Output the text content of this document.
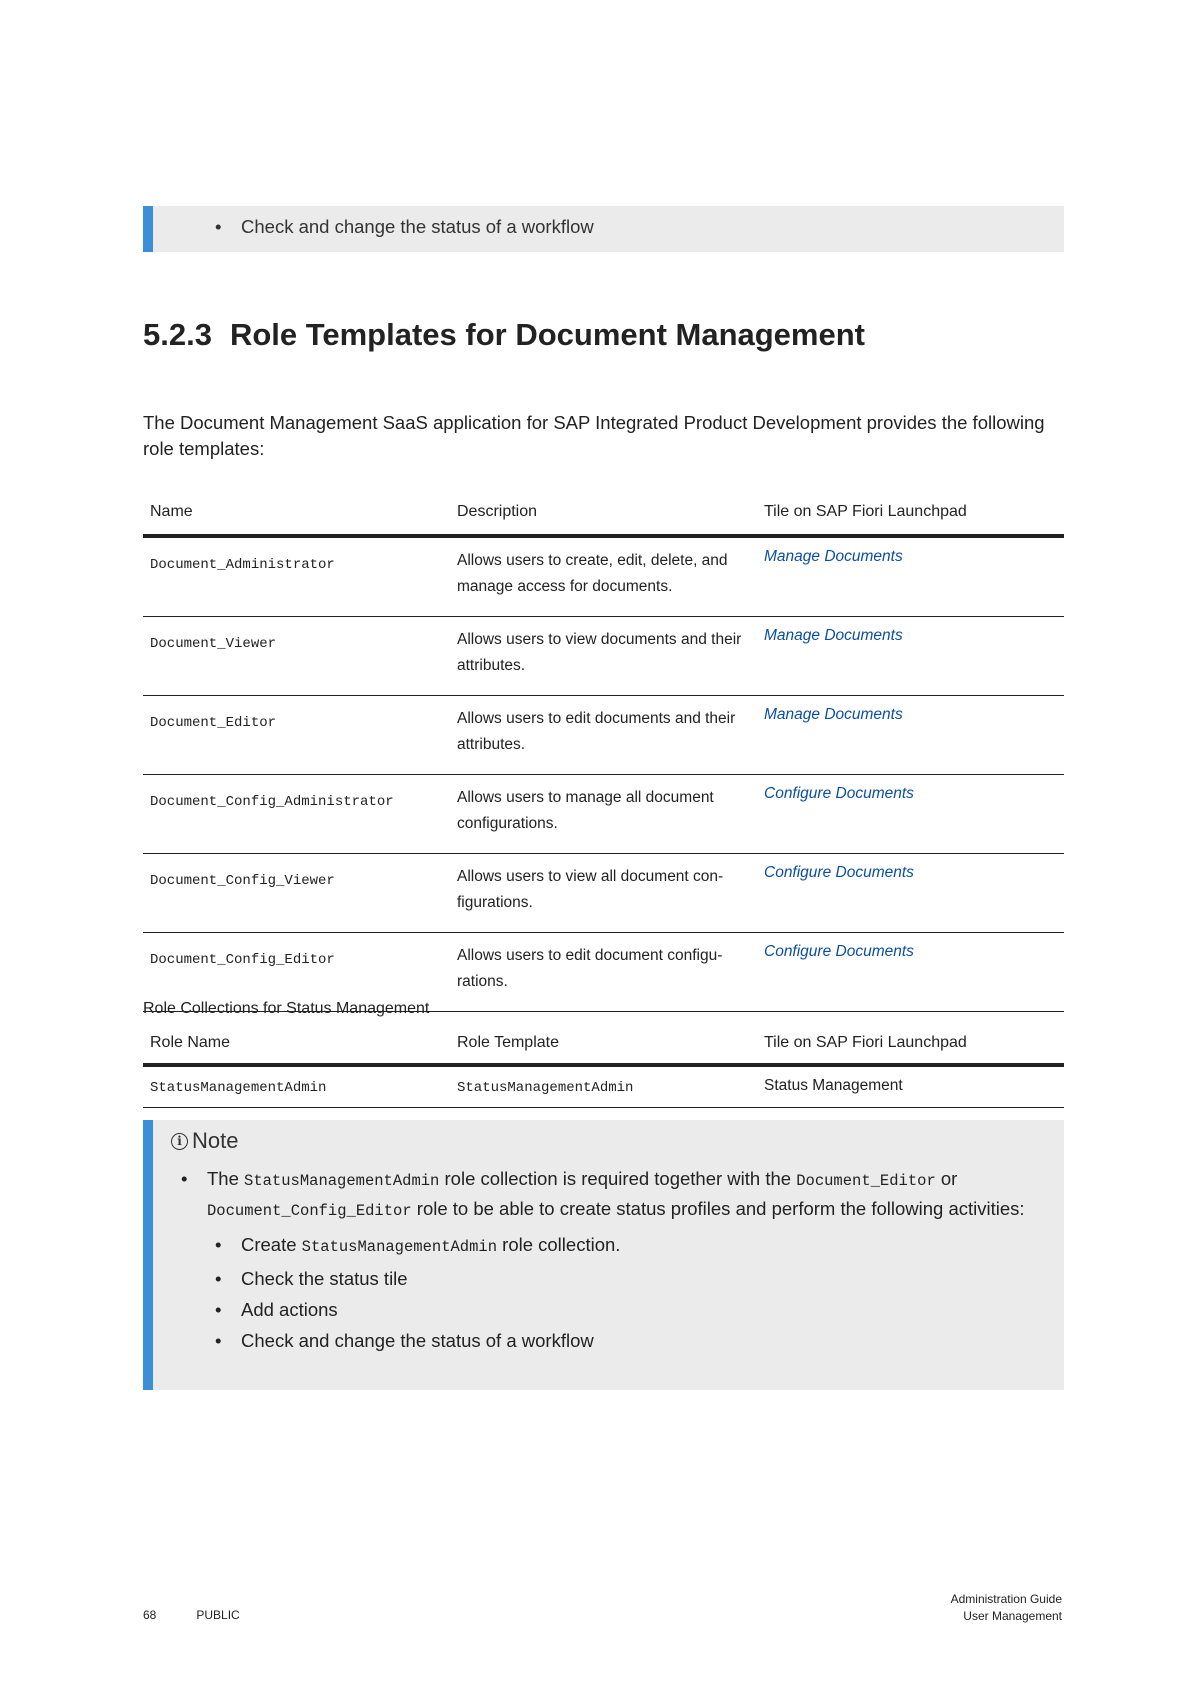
• Check and change the status of a workflow
5.2.3 Role Templates for Document Management

The Document Management SaaS application for SAP Integrated Product Development provides the following role templates:

Name	Description	Tile on SAP Fiori Launchpad
Document_Administrator	Allows users to create, edit, delete, and manage access for documents.	Manage Documents
Document_Viewer	Allows users to view documents and their attributes.	Manage Documents
Document_Editor	Allows users to edit documents and their attributes.	Manage Documents
Document_Config_Administrator	Allows users to manage all document configurations.	Configure Documents
Document_Config_Viewer	Allows users to view all document con-figurations.	Configure Documents
Document_Config_Editor	Allows users to edit document configu-rations.	Configure Documents
Role Collections for Status Management
Role Name	Role Template	Tile on SAP Fiori Launchpad
StatusManagementAdmin	StatusManagementAdmin	Status Management
i Note

•	The StatusManagementAdmin role collection is required together with the Document_Editor or Document_Config_Editor role to be able to create status profiles and perform the following activities:

• Create StatusManagementAdmin role collection.

• Check the status tile

• Add actions

• Check and change the status of a workflow

68	PUBLIC
Administration Guide
User Management
